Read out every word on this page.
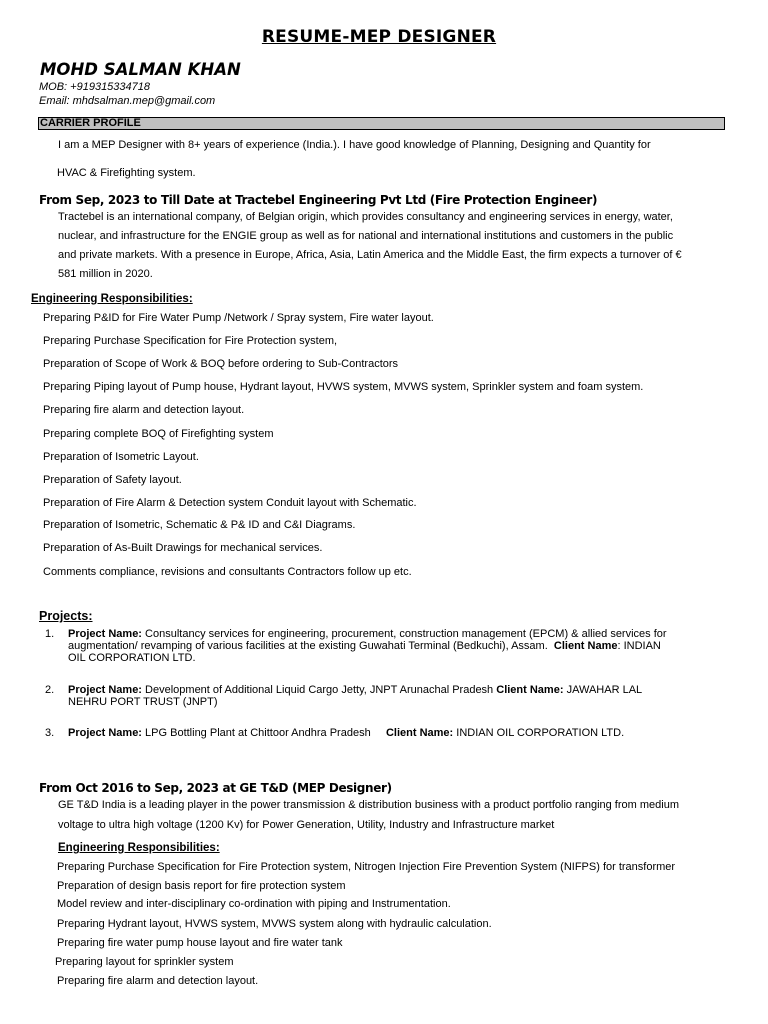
RESUME-MEP DESIGNER
MOHD SALMAN KHAN
MOB: +919315334718
Email: mhdsalman.mep@gmail.com
CARRIER PROFILE
I am a MEP Designer with 8+ years of experience (India.). I have good knowledge of Planning, Designing and Quantity for
HVAC & Firefighting system.
From Sep, 2023 to Till Date at Tractebel Engineering Pvt Ltd (Fire Protection Engineer)
Tractebel is an international company, of Belgian origin, which provides consultancy and engineering services in energy, water,
nuclear, and infrastructure for the ENGIE group as well as for national and international institutions and customers in the public
and private markets. With a presence in Europe, Africa, Asia, Latin America and the Middle East, the firm expects a turnover of €
581 million in 2020.
Engineering Responsibilities:
Preparing P&ID for Fire Water Pump /Network / Spray system, Fire water layout.
Preparing Purchase Specification for Fire Protection system,
Preparation of Scope of Work & BOQ before ordering to Sub-Contractors
Preparing Piping layout of Pump house, Hydrant layout, HVWS system, MVWS system, Sprinkler system and foam system.
Preparing fire alarm and detection layout.
Preparing complete BOQ of Firefighting system
Preparation of Isometric Layout.
Preparation of Safety layout.
Preparation of Fire Alarm & Detection system Conduit layout with Schematic.
Preparation of Isometric, Schematic & P& ID and C&I Diagrams.
Preparation of As-Built Drawings for mechanical services.
Comments compliance, revisions and consultants Contractors follow up etc.
Projects:
1. Project Name: Consultancy services for engineering, procurement, construction management (EPCM) & allied services for
augmentation/ revamping of various facilities at the existing Guwahati Terminal (Bedkuchi), Assam. Client Name: INDIAN
OIL CORPORATION LTD.
2. Project Name: Development of Additional Liquid Cargo Jetty, JNPT Arunachal Pradesh Client Name: JAWAHAR LAL
NEHRU PORT TRUST (JNPT)
3. Project Name: LPG Bottling Plant at Chittoor Andhra Pradesh Client Name: INDIAN OIL CORPORATION LTD.
From Oct 2016 to Sep, 2023 at GE T&D (MEP Designer)
GE T&D India is a leading player in the power transmission & distribution business with a product portfolio ranging from medium
voltage to ultra high voltage (1200 Kv) for Power Generation, Utility, Industry and Infrastructure market
Engineering Responsibilities:
Preparing Purchase Specification for Fire Protection system, Nitrogen Injection Fire Prevention System (NIFPS) for transformer
Preparation of design basis report for fire protection system
Model review and inter-disciplinary co-ordination with piping and Instrumentation.
Preparing Hydrant layout, HVWS system, MVWS system along with hydraulic calculation.
Preparing fire water pump house layout and fire water tank
Preparing layout for sprinkler system
Preparing fire alarm and detection layout.
